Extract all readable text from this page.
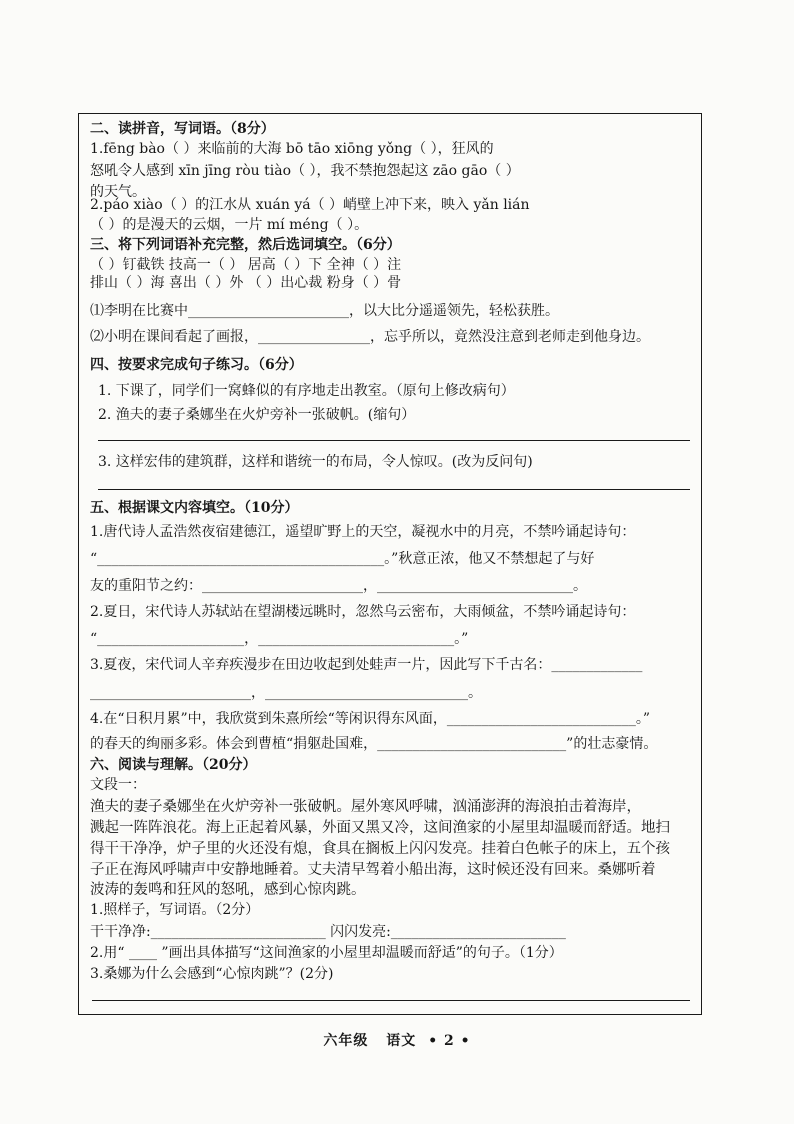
二、读拼音，写词语。（8分）
1.fēng bào（ ）来临前的大海 bō tāo xiōng yǒng（ ），狂风的
怒吼令人感到 xīn jīng ròu tiào（ ），我不禁抱怨起这 zāo gāo（ ）
的天气。
2.páo xiào（ ）的江水从 xuán yá（ ）峭壁上冲下来，映入 yǎn lián
（ ）的是漫天的云烟，一片 mí méng（ ）。
三、将下列词语补充完整，然后选词填空。（6分）
（ ）钉截铁 技高一（ ） 居高（ ）下 全神（ ）注
排山（ ）海 喜出（ ）外 （ ）出心裁 粉身（ ）骨
⑴李明在比赛中_______________________，以大比分遥遥领先，轻松获胜。
⑵小明在课间看起了画报，________________，忘乎所以，竟然没注意到老师走到他身边。
四、按要求完成句子练习。（6分）
1. 下课了，同学们一窝蜂似的有序地走出教室。（原句上修改病句）
2. 渔夫的妻子桑娜坐在火炉旁补一张破帆。(缩句）
3. 这样宏伟的建筑群，这样和谐统一的布局，令人惊叹。(改为反问句)
五、根据课文内容填空。（10分）
1.唐代诗人孟浩然夜宿建德江，遥望旷野上的天空，凝视水中的月亮，不禁吟诵起诗句：
“_________________________________________。”秋意正浓，他又不禁想起了与好
友的重阳节之约：_______________________，____________________________。
2.夏日，宋代诗人苏轼站在望湖楼远眺时，忽然乌云密布，大雨倾盆，不禁吟诵起诗句：
“_____________________，____________________________。”
3.夏夜，宋代词人辛弃疾漫步在田边收起到处蛙声一片，因此写下千古名：_____________
_______________________，_____________________________。
4.在“日积月累”中，我欣赏到朱熹所绘“等闲识得东风面，___________________________。”
的春天的绚丽多彩。体会到曹植“捐躯赴国难，___________________________”的壮志豪情。
六、阅读与理解。（20分）
文段一：
渔夫的妻子桑娜坐在火炉旁补一张破帆。屋外寒风呼啸，汹涌澎湃的海浪拍击着海岸，
溅起一阵阵浪花。海上正起着风暴，外面又黑又冷，这间渔家的小屋里却温暖而舒适。地扫
得干干净净，炉子里的火还没有熄，食具在搁板上闪闪发亮。挂着白色帐子的床上，五个孩
子正在海风呼啸声中安静地睡着。丈夫清早驾着小船出海，这时候还没有回来。桑娜听着
波涛的轰鸣和狂风的怒吼，感到心惊肉跳。
1.照样子，写词语。（2分）
干干净净:_________________________ 闪闪发亮:_________________________
2.用“ ____ ”画出具体描写“这间渔家的小屋里却温暖而舒适”的句子。（1分）
3.桑娜为什么会感到“心惊肉跳”？(2分)
六年级 语文 • 2 •
